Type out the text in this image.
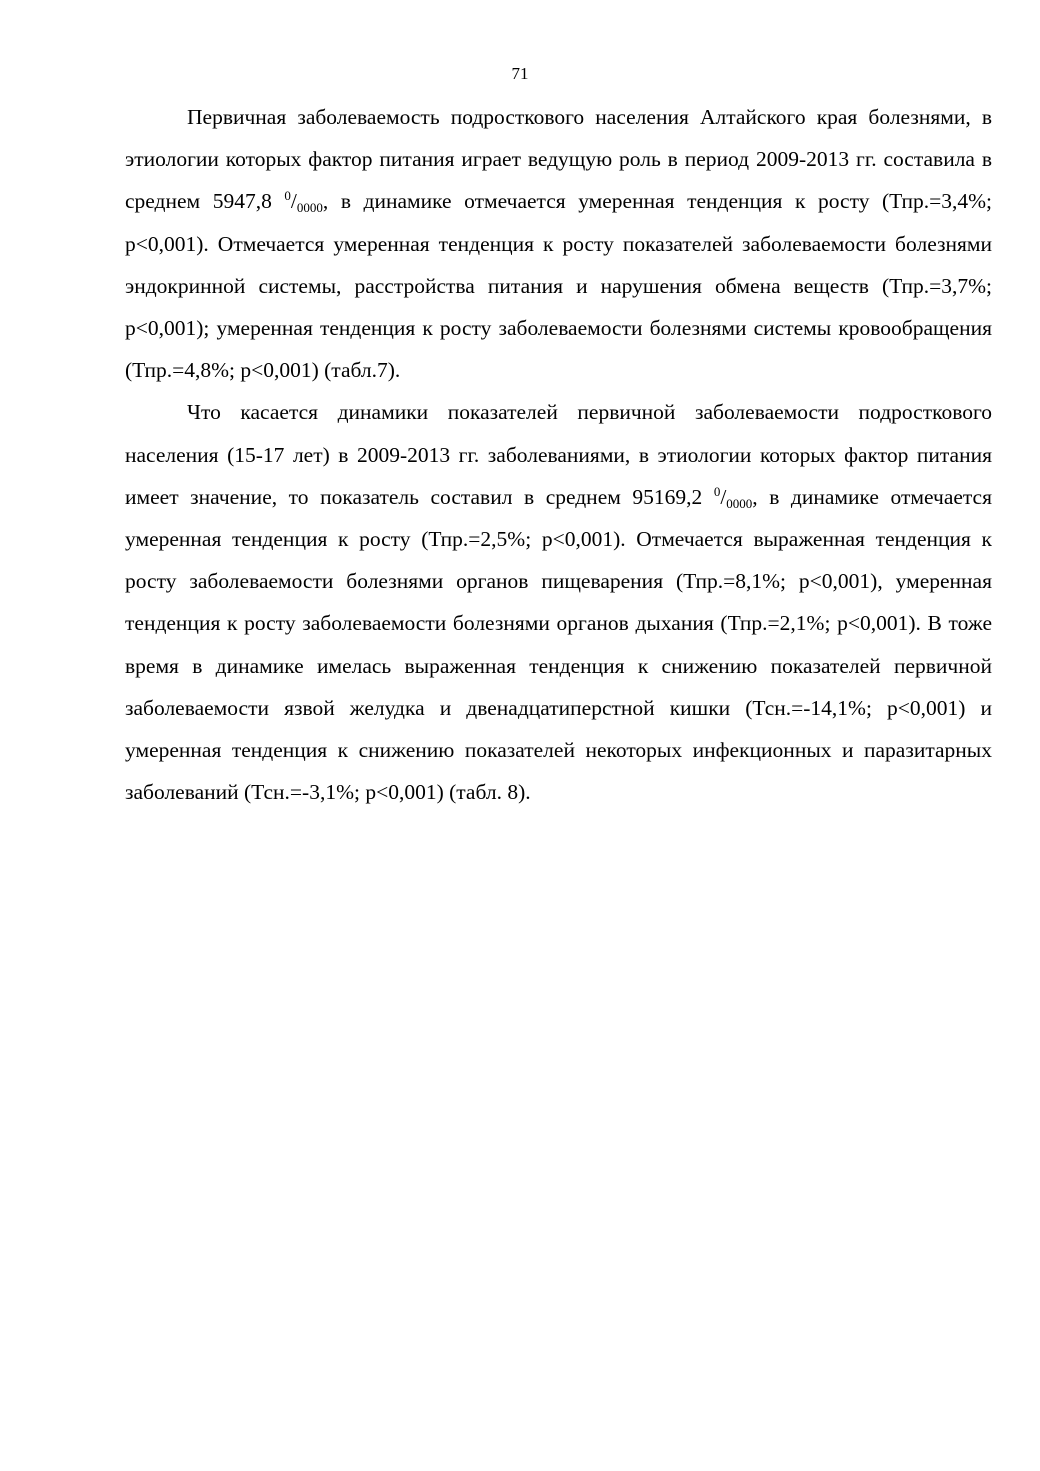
71

Первичная заболеваемость подросткового населения Алтайского края болезнями, в этиологии которых фактор питания играет ведущую роль в период 2009-2013 гг. составила в среднем 5947,8 $^0/_{0000}$, в динамике отмечается умеренная тенденция к росту (Тпр.=3,4%; р<0,001). Отмечается умеренная тенденция к росту показателей заболеваемости болезнями эндокринной системы, расстройства питания и нарушения обмена веществ (Тпр.=3,7%; р<0,001); умеренная тенденция к росту заболеваемости болезнями системы кровообращения (Тпр.=4,8%; р<0,001) (табл.7).

Что касается динамики показателей первичной заболеваемости подросткового населения (15-17 лет) в 2009-2013 гг. заболеваниями, в этиологии которых фактор питания имеет значение, то показатель составил в среднем 95169,2 $^0/_{0000}$, в динамике отмечается умеренная тенденция к росту (Тпр.=2,5%; р<0,001). Отмечается выраженная тенденция к росту заболеваемости болезнями органов пищеварения (Тпр.=8,1%; р<0,001), умеренная тенденция к росту заболеваемости болезнями органов дыхания (Тпр.=2,1%; р<0,001). В тоже время в динамике имелась выраженная тенденция к снижению показателей первичной заболеваемости язвой желудка и двенадцатиперстной кишки (Тсн.=-14,1%; р<0,001) и умеренная тенденция к снижению показателей некоторых инфекционных и паразитарных заболеваний (Тсн.=-3,1%; р<0,001) (табл. 8).
